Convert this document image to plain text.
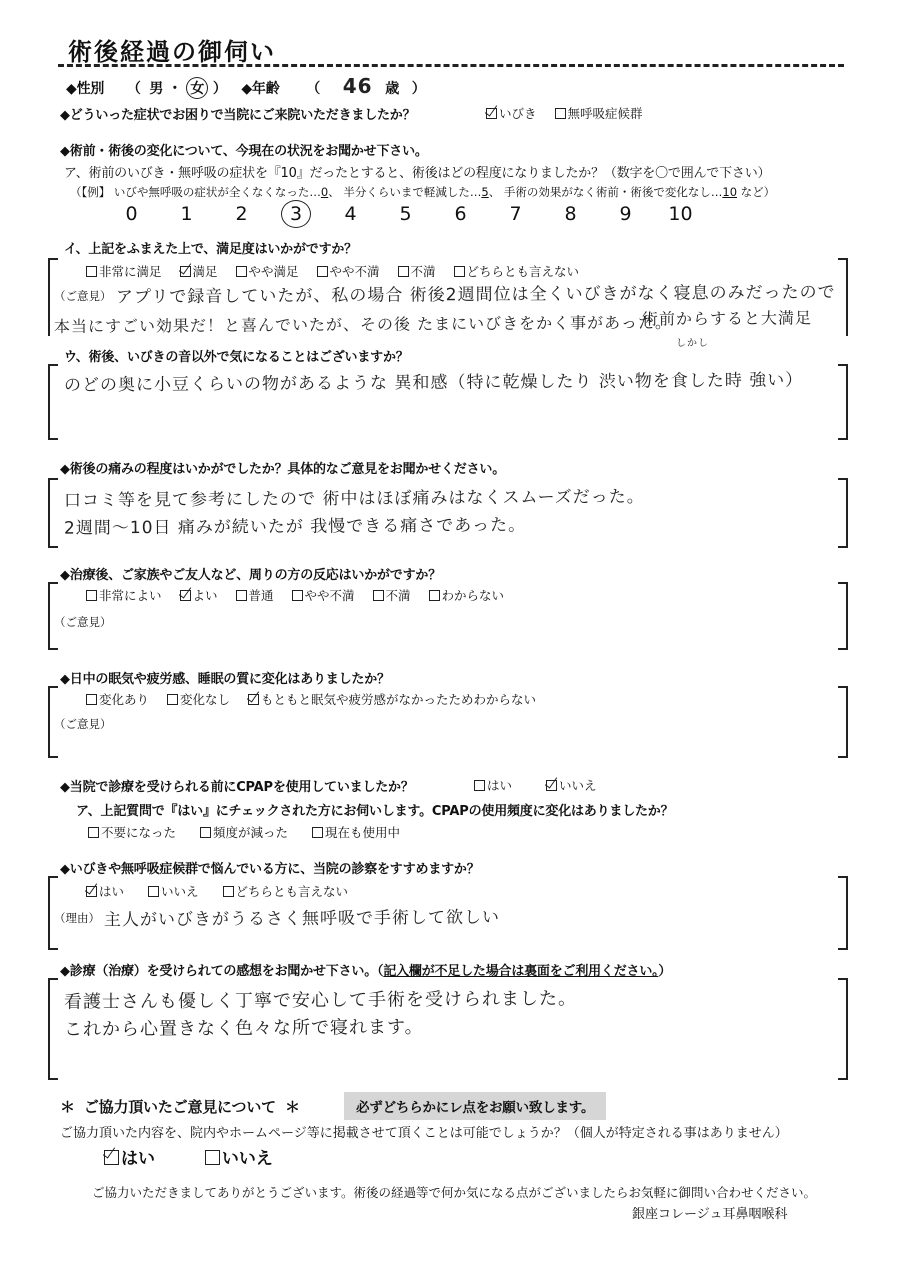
術後経過の御伺い
◆性別 （ 男 ・ 女 ） ◆年齢 （ 46 歳 ）
◆どういった症状でお困りで当院にご来院いただきましたか？	いびき 無呼吸症候群
◆術前・術後の変化について、今現在の状況をお聞かせ下さい。
ア、術前のいびき・無呼吸の症状を『10』だったとすると、術後はどの程度になりましたか？（数字を〇で囲んで下さい）
（【例】 いびや無呼吸の症状が全くなくなった…0、 半分くらいまで軽減した…5、 手術の効果がなく術前・術後で変化なし…10 など）
0 1 2 3 4 5 6 7 8 9 10
イ、上記をふまえた上で、満足度はいかがですか？
非常に満足 満足 やや満足 やや不満 不満 どちらとも言えない
（ご意見） アプリで録音していたが、私の場合 術後2週間位は全くいびきがなく寝息のみだったので
本当にすごい効果だ！と喜んでいたが、その後 たまにいびきをかく事があった。
術前からすると大満足
しかし
ウ、術後、いびきの音以外で気になることはございますか？
のどの奥に小豆くらいの物があるような 異和感（特に乾燥したり 渋い物を食した時 強い）
◆術後の痛みの程度はいかがでしたか？具体的なご意見をお聞かせください。
口コミ等を見て参考にしたので 術中はほぼ痛みはなくスムーズだった。
2週間～10日 痛みが続いたが 我慢できる痛さであった。
◆治療後、ご家族やご友人など、周りの方の反応はいかがですか？
非常によい よい 普通 やや不満 不満 わからない
（ご意見）
◆日中の眠気や疲労感、睡眠の質に変化はありましたか？
変化あり 変化なし もともと眠気や疲労感がなかったためわからない
（ご意見）
◆当院で診療を受けられる前にCPAPを使用していましたか？	はい	いいえ
ア、上記質問で『はい』にチェックされた方にお伺いします。CPAPの使用頻度に変化はありましたか？
不要になった	頻度が減った	現在も使用中
◆いびきや無呼吸症候群で悩んでいる方に、当院の診察をすすめますか？
はい	いいえ	どちらとも言えない
（理由） 主人がいびきがうるさく無呼吸で手術して欲しい
◆診療（治療）を受けられての感想をお聞かせ下さい。（記入欄が不足した場合は裏面をご利用ください。）
看護士さんも優しく丁寧で安心して手術を受けられました。
これから心置きなく色々な所で寝れます。
＊ ご協力頂いたご意見について ＊	必ずどちらかにレ点をお願い致します。
ご協力頂いた内容を、院内やホームページ等に掲載させて頂くことは可能でしょうか？（個人が特定される事はありません）
はい	いいえ
ご協力いただきましてありがとうございます。術後の経過等で何か気になる点がございましたらお気軽に御問い合わせください。
銀座コレージュ耳鼻咽喉科
